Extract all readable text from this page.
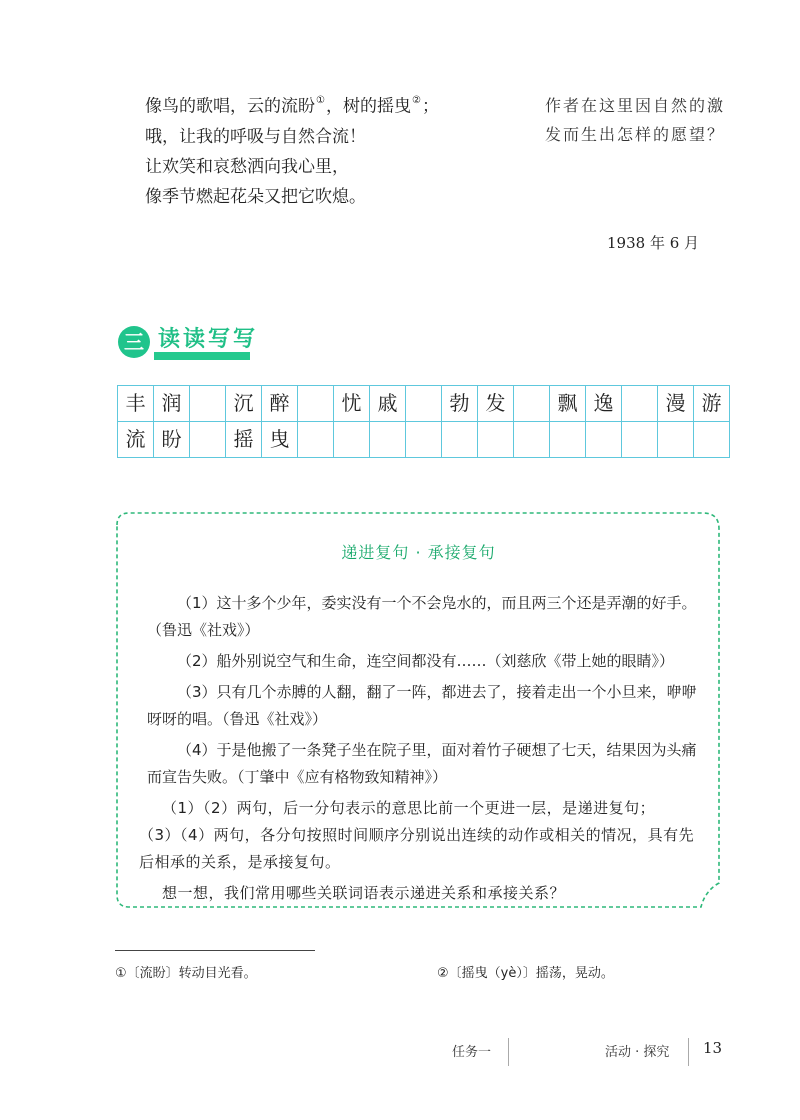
像鸟的歌唱，云的流盼①，树的摇曳②；
哦，让我的呼吸与自然合流！
让欢笑和哀愁洒向我心里，
像季节燃起花朵又把它吹熄。
作者在这里因自然的激发而生出怎样的愿望？
1938 年 6 月
三 读读写写
丰 润	沉 醉	忧 戚	勃 发	飘 逸	漫 游
流 盼	摇 曳
递进复句 · 承接复句

（1）这十多个少年，委实没有一个不会凫水的，而且两三个还是弄潮的好手。（鲁迅《社戏》）

（2）船外别说空气和生命，连空间都没有……（刘慈欣《带上她的眼睛》）

（3）只有几个赤膊的人翻，翻了一阵，都进去了，接着走出一个小旦来，咿咿呀呀的唱。（鲁迅《社戏》）

（4）于是他搬了一条凳子坐在院子里，面对着竹子硬想了七天，结果因为头痛而宣告失败。（丁肇中《应有格物致知精神》）

（1）（2）两句，后一分句表示的意思比前一个更进一层，是递进复句；

（3）（4）两句，各分句按照时间顺序分别说出连续的动作或相关的情况，具有先后相承的关系，是承接复句。

想一想，我们常用哪些关联词语表示递进关系和承接关系？

①〔流盼〕转动目光看。	②〔摇曳（yè）〕摇荡，晃动。
任务一	活动 · 探究 13
